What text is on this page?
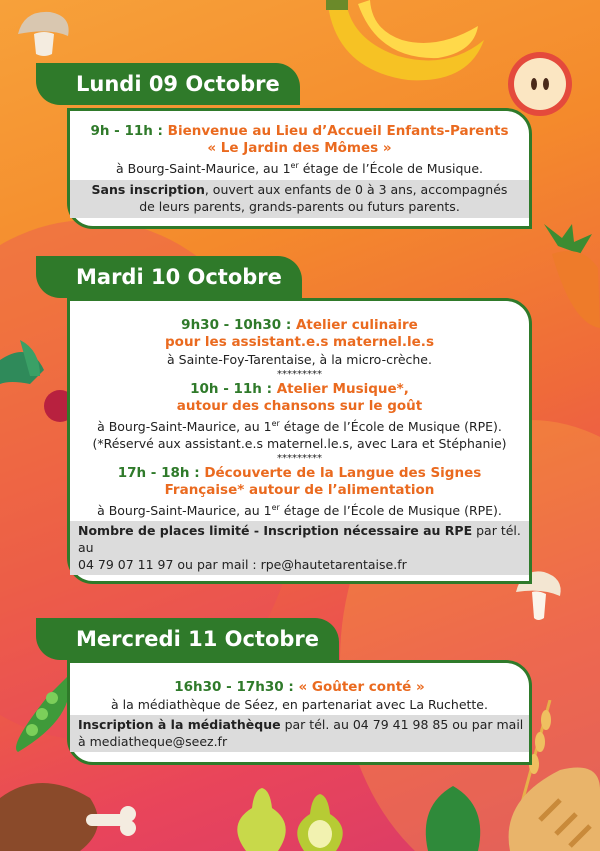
Lundi 09 Octobre
9h - 11h : Bienvenue au Lieu d’Accueil Enfants-Parents
« Le Jardin des Mômes »
à Bourg-Saint-Maurice, au 1er étage de l’École de Musique.
Sans inscription, ouvert aux enfants de 0 à 3 ans, accompagnés
de leurs parents, grands-parents ou futurs parents.
Mardi 10 Octobre
9h30 - 10h30 : Atelier culinaire
pour les assistant.e.s maternel.le.s
à Sainte-Foy-Tarentaise, à la micro-crèche.
*********
10h - 11h : Atelier Musique*,
autour des chansons sur le goût
à Bourg-Saint-Maurice, au 1er étage de l’École de Musique (RPE).
(*Réservé aux assistant.e.s maternel.le.s, avec Lara et Stéphanie)
*********
17h - 18h : Découverte de la Langue des Signes
Française* autour de l’alimentation
à Bourg-Saint-Maurice, au 1er étage de l’École de Musique (RPE).
Nombre de places limité - Inscription nécessaire au RPE par tél. au
04 79 07 11 97 ou par mail : rpe@hautetarentaise.fr
Mercredi 11 Octobre
16h30 - 17h30 : « Goûter conté »
à la médiathèque de Séez, en partenariat avec La Ruchette.
Inscription à la médiathèque par tél. au 04 79 41 98 85 ou par mail
à mediatheque@seez.fr
